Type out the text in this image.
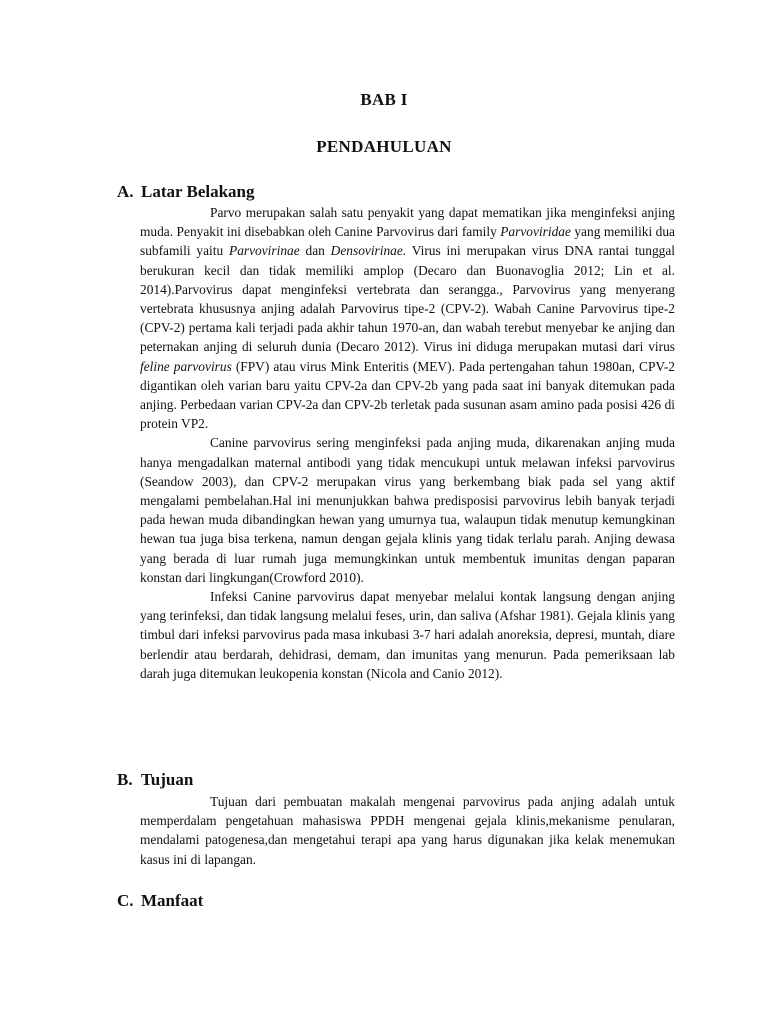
BAB I
PENDAHULUAN
A. Latar Belakang

Parvo merupakan salah satu penyakit yang dapat mematikan jika menginfeksi anjing muda. Penyakit ini disebabkan oleh Canine Parvovirus dari family Parvoviridae yang memiliki dua subfamili yaitu Parvovirinae dan Densovirinae. Virus ini merupakan virus DNA rantai tunggal berukuran kecil dan tidak memiliki amplop (Decaro dan Buonavoglia 2012; Lin et al. 2014).Parvovirus dapat menginfeksi vertebrata dan serangga., Parvovirus yang menyerang vertebrata khususnya anjing adalah Parvovirus tipe-2 (CPV-2). Wabah Canine Parvovirus tipe-2 (CPV-2) pertama kali terjadi pada akhir tahun 1970-an, dan wabah terebut menyebar ke anjing dan peternakan anjing di seluruh dunia (Decaro 2012). Virus ini diduga merupakan mutasi dari virus feline parvovirus (FPV) atau virus Mink Enteritis (MEV). Pada pertengahan tahun 1980an, CPV-2 digantikan oleh varian baru yaitu CPV-2a dan CPV-2b yang pada saat ini banyak ditemukan pada anjing. Perbedaan varian CPV-2a dan CPV-2b terletak pada susunan asam amino pada posisi 426 di protein VP2.

Canine parvovirus sering menginfeksi pada anjing muda, dikarenakan anjing muda hanya mengadalkan maternal antibodi yang tidak mencukupi untuk melawan infeksi parvovirus (Seandow 2003), dan CPV-2 merupakan virus yang berkembang biak pada sel yang aktif mengalami pembelahan.Hal ini menunjukkan bahwa predisposisi parvovirus lebih banyak terjadi pada hewan muda dibandingkan hewan yang umurnya tua, walaupun tidak menutup kemungkinan hewan tua juga bisa terkena, namun dengan gejala klinis yang tidak terlalu parah. Anjing dewasa yang berada di luar rumah juga memungkinkan untuk membentuk imunitas dengan paparan konstan dari lingkungan(Crowford 2010).

Infeksi Canine parvovirus dapat menyebar melalui kontak langsung dengan anjing yang terinfeksi, dan tidak langsung melalui feses, urin, dan saliva (Afshar 1981). Gejala klinis yang timbul dari infeksi parvovirus pada masa inkubasi 3-7 hari adalah anoreksia, depresi, muntah, diare berlendir atau berdarah, dehidrasi, demam, dan imunitas yang menurun. Pada pemeriksaan lab darah juga ditemukan leukopenia konstan (Nicola and Canio 2012).

B. Tujuan

Tujuan dari pembuatan makalah mengenai parvovirus pada anjing adalah untuk memperdalam pengetahuan mahasiswa PPDH mengenai gejala klinis,mekanisme penularan, mendalami patogenesa,dan mengetahui terapi apa yang harus digunakan jika kelak menemukan kasus ini di lapangan.

C. Manfaat
